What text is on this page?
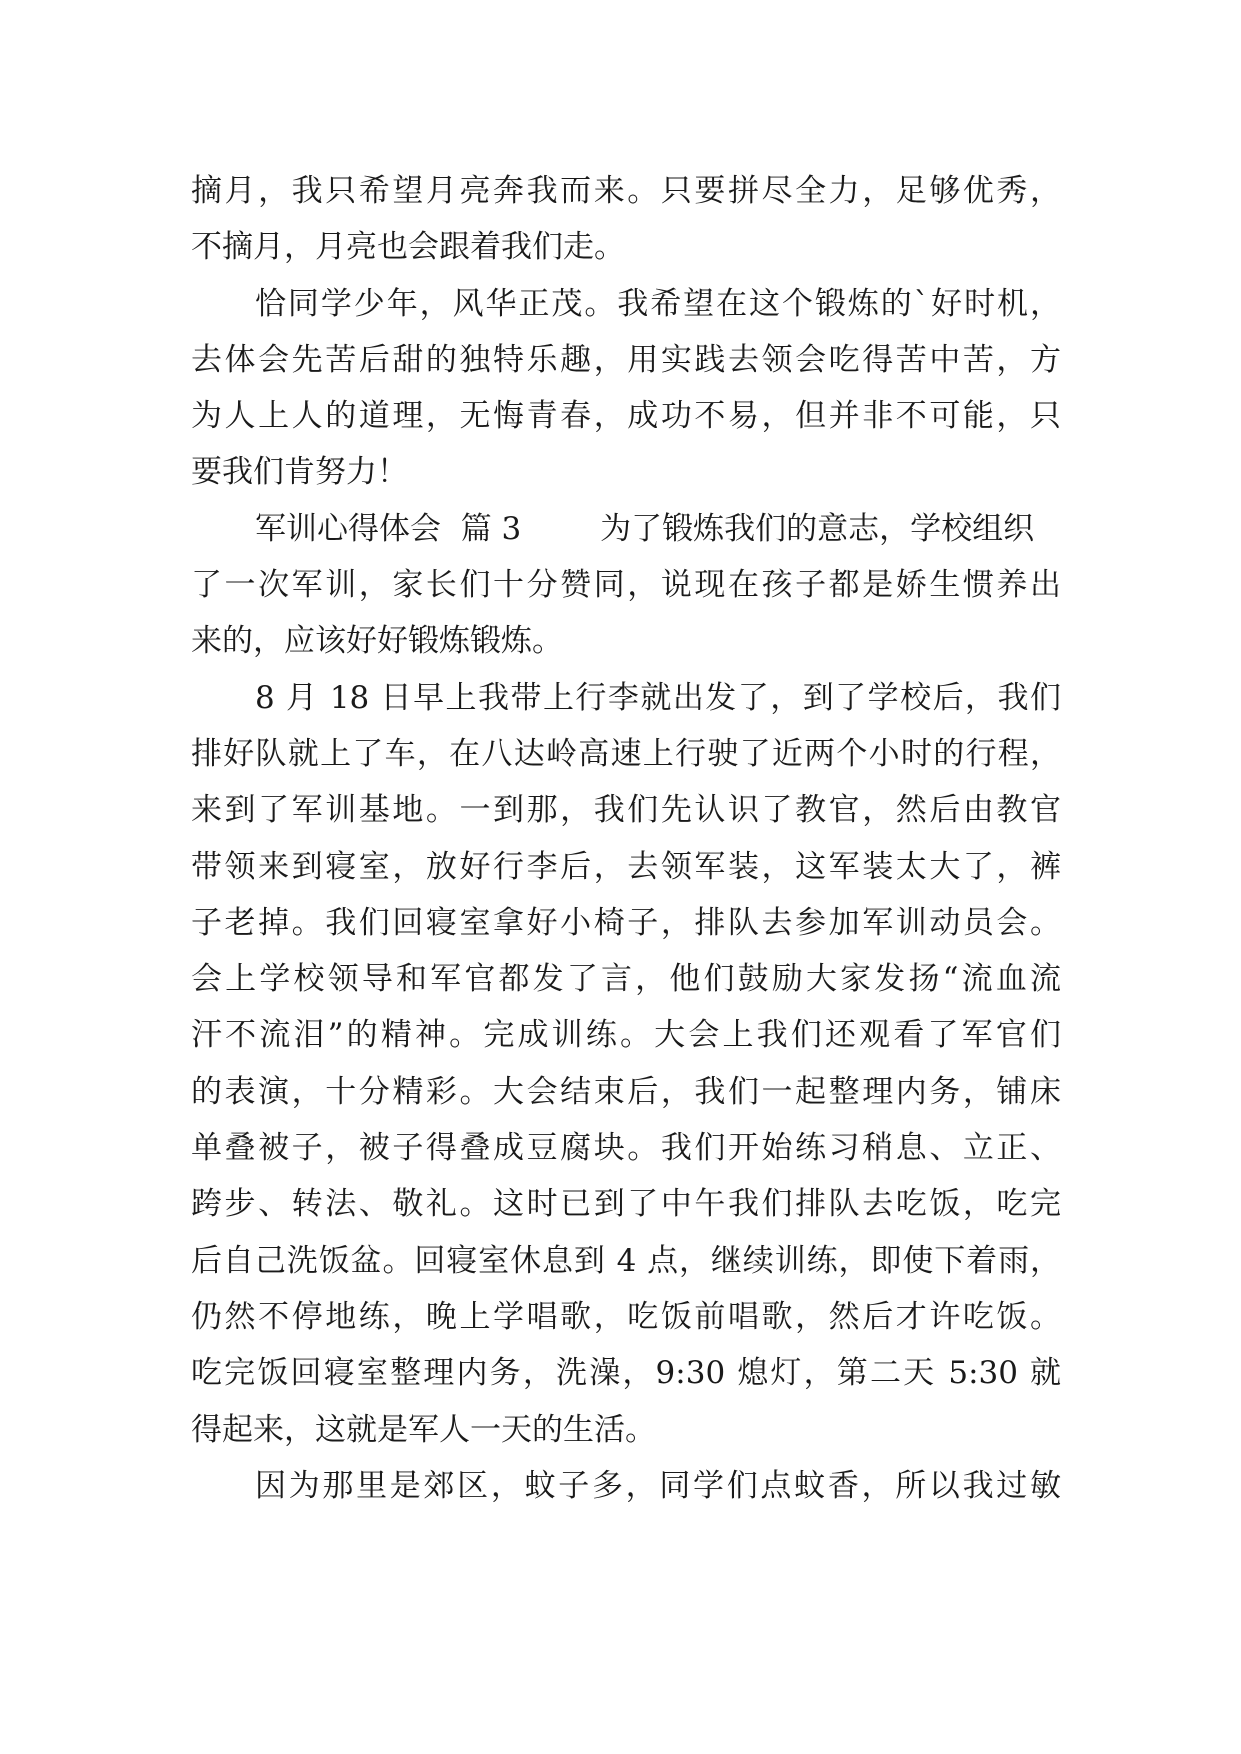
摘月，我只希望月亮奔我而来。只要拼尽全力，足够优秀，
不摘月，月亮也会跟着我们走。
恰同学少年，风华正茂。我希望在这个锻炼的`好时机，
去体会先苦后甜的独特乐趣，用实践去领会吃得苦中苦，方
为人上人的道理，无悔青春，成功不易，但并非不可能，只
要我们肯努力！
军训心得体会  篇 3        为了锻炼我们的意志，学校组织
了一次军训，家长们十分赞同，说现在孩子都是娇生惯养出
来的，应该好好锻炼锻炼。
8 月 18 日早上我带上行李就出发了，到了学校后，我们
排好队就上了车，在八达岭高速上行驶了近两个小时的行程，
来到了军训基地。一到那，我们先认识了教官，然后由教官
带领来到寝室，放好行李后，去领军装，这军装太大了，裤
子老掉。我们回寝室拿好小椅子，排队去参加军训动员会。
会上学校领导和军官都发了言，他们鼓励大家发扬“流血流
汗不流泪”的精神。完成训练。大会上我们还观看了军官们
的表演，十分精彩。大会结束后，我们一起整理内务，铺床
单叠被子，被子得叠成豆腐块。我们开始练习稍息、立正、
跨步、转法、敬礼。这时已到了中午我们排队去吃饭，吃完
后自己洗饭盆。回寝室休息到 4 点，继续训练，即使下着雨，
仍然不停地练，晚上学唱歌，吃饭前唱歌，然后才许吃饭。
吃完饭回寝室整理内务，洗澡，9:30 熄灯，第二天 5:30 就
得起来，这就是军人一天的生活。
因为那里是郊区，蚊子多，同学们点蚊香，所以我过敏
